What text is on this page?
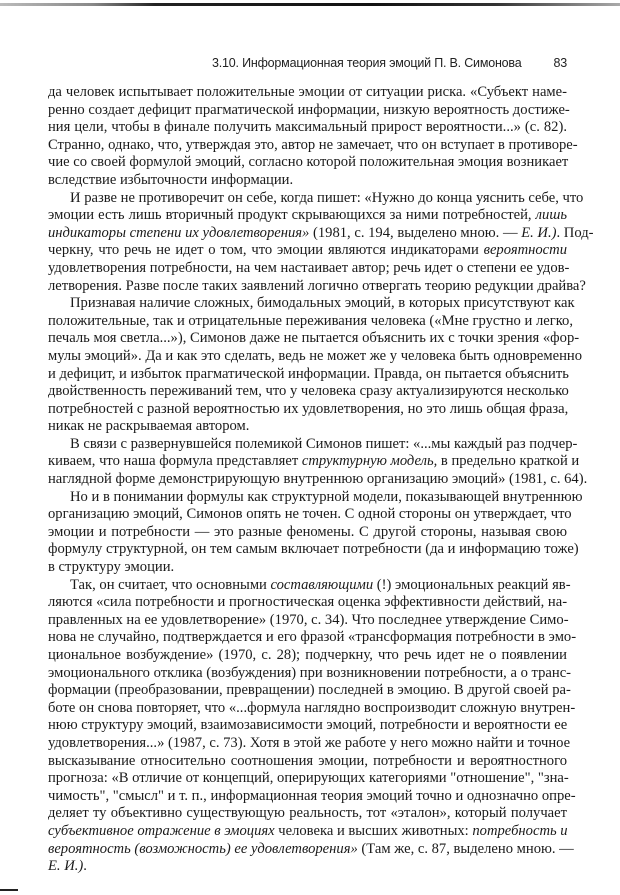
3.10. Информационная теория эмоций П. В. Симонова	83
да человек испытывает положительные эмоции от ситуации риска. «Субъект наме-
ренно создает дефицит прагматической информации, низкую вероятность достиже-
ния цели, чтобы в финале получить максимальный прирост вероятности...» (с. 82).
Странно, однако, что, утверждая это, автор не замечает, что он вступает в противоре-
чие со своей формулой эмоций, согласно которой положительная эмоция возникает
вследствие избыточности информации.
И разве не противоречит он себе, когда пишет: «Нужно до конца уяснить себе, что
эмоции есть лишь вторичный продукт скрывающихся за ними потребностей, лишь
индикаторы степени их удовлетворения» (1981, с. 194, выделено мною. — Е. И.). Под-
черкну, что речь не идет о том, что эмоции являются индикаторами вероятности
удовлетворения потребности, на чем настаивает автор; речь идет о степени ее удов-
летворения. Разве после таких заявлений логично отвергать теорию редукции драйва?
Признавая наличие сложных, бимодальных эмоций, в которых присутствуют как
положительные, так и отрицательные переживания человека («Мне грустно и легко,
печаль моя светла...»), Симонов даже не пытается объяснить их с точки зрения «фор-
мулы эмоций». Да и как это сделать, ведь не может же у человека быть одновременно
и дефицит, и избыток прагматической информации. Правда, он пытается объяснить
двойственность переживаний тем, что у человека сразу актуализируются несколько
потребностей с разной вероятностью их удовлетворения, но это лишь общая фраза,
никак не раскрываемая автором.
В связи с развернувшейся полемикой Симонов пишет: «...мы каждый раз подчер-
киваем, что наша формула представляет структурную модель, в предельно краткой и
наглядной форме демонстрирующую внутреннюю организацию эмоций» (1981, с. 64).
Но и в понимании формулы как структурной модели, показывающей внутреннюю
организацию эмоций, Симонов опять не точен. С одной стороны он утверждает, что
эмоции и потребности — это разные феномены. С другой стороны, называя свою
формулу структурной, он тем самым включает потребности (да и информацию тоже)
в структуру эмоции.
Так, он считает, что основными составляющими (!) эмоциональных реакций яв-
ляются «сила потребности и прогностическая оценка эффективности действий, на-
правленных на ее удовлетворение» (1970, с. 34). Что последнее утверждение Симо-
нова не случайно, подтверждается и его фразой «трансформация потребности в эмо-
циональное возбуждение» (1970, с. 28); подчеркну, что речь идет не о появлении
эмоционального отклика (возбуждения) при возникновении потребности, а о транс-
формации (преобразовании, превращении) последней в эмоцию. В другой своей ра-
боте он снова повторяет, что «...формула наглядно воспроизводит сложную внутрен-
нюю структуру эмоций, взаимозависимости эмоций, потребности и вероятности ее
удовлетворения...» (1987, с. 73). Хотя в этой же работе у него можно найти и точное
высказывание относительно соотношения эмоции, потребности и вероятностного
прогноза: «В отличие от концепций, оперирующих категориями "отношение", "зна-
чимость", "смысл" и т. п., информационная теория эмоций точно и однозначно опре-
деляет ту объективно существующую реальность, тот «эталон», который получает
субъективное отражение в эмоциях человека и высших животных: потребность и
вероятность (возможность) ее удовлетворения» (Там же, с. 87, выделено мною. —
Е. И.).
